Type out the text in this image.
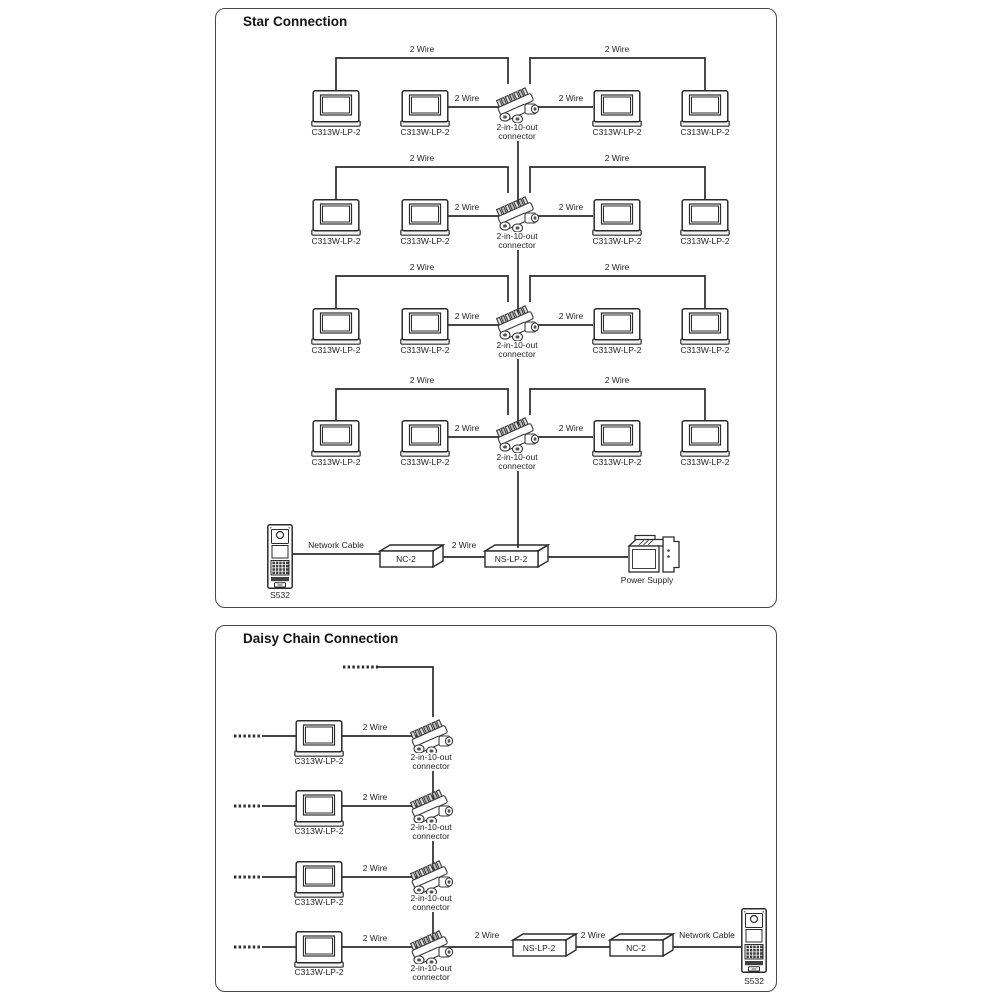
Star Connection
2 Wire	2 Wire
2 Wire	2 Wire
C313W-LP-2	C313W-LP-2	C313W-LP-2	C313W-LP-2
2-in-10-out
connector
2 Wire	2 Wire
2 Wire	2 Wire
C313W-LP-2	C313W-LP-2	C313W-LP-2	C313W-LP-2
2-in-10-out
connector
2 Wire	2 Wire
2 Wire	2 Wire
C313W-LP-2	C313W-LP-2	C313W-LP-2	C313W-LP-2
2-in-10-out
connector
2 Wire	2 Wire
2 Wire	2 Wire
C313W-LP-2	C313W-LP-2	C313W-LP-2	C313W-LP-2
2-in-10-out
connector
Network Cable
NC-2
2 Wire
NS-LP-2
S532
Power Supply
Daisy Chain Connection
2 Wire
C313W-LP-2	2-in-10-out
connector
2 Wire
C313W-LP-2	2-in-10-out
connector
2 Wire
C313W-LP-2	2-in-10-out
connector
2 Wire
C313W-LP-2	2-in-10-out
connector
2 Wire
NS-LP-2
2 Wire
NC-2
Network Cable
S532
